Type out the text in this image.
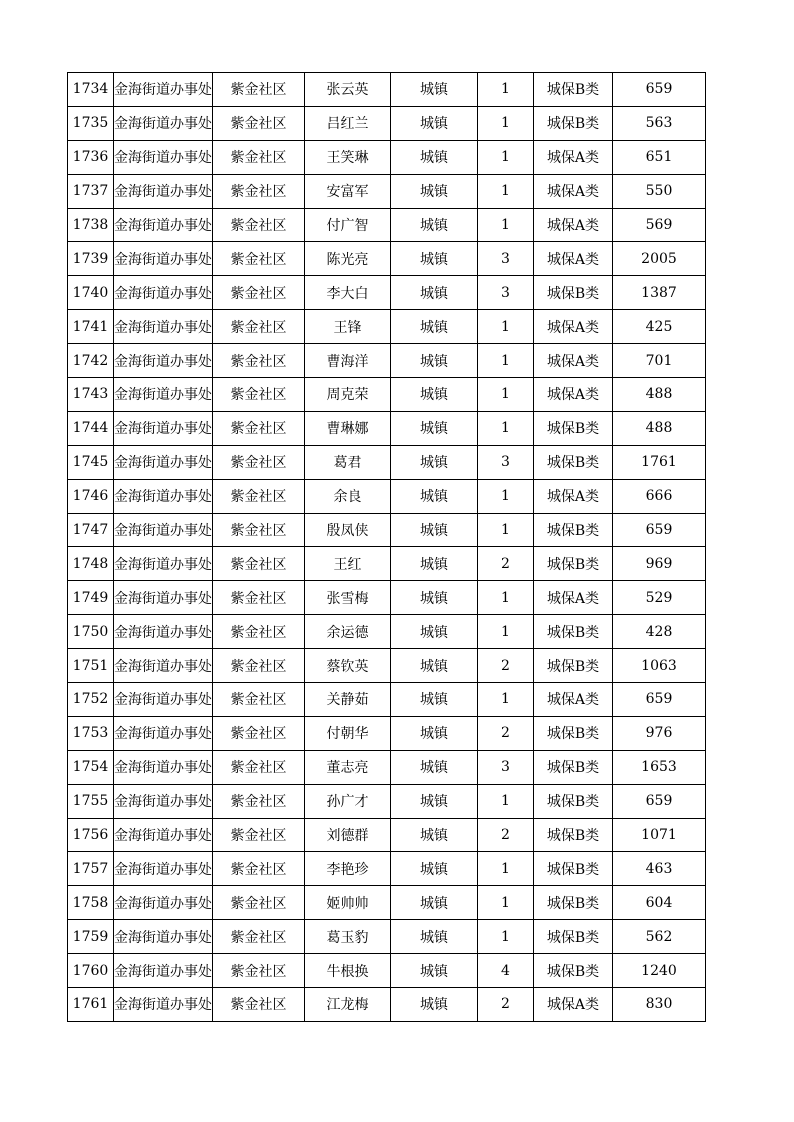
1734	金海街道办事处	紫金社区	张云英	城镇	1	城保B类	659
1735	金海街道办事处	紫金社区	吕红兰	城镇	1	城保B类	563
1736	金海街道办事处	紫金社区	王笑琳	城镇	1	城保A类	651
1737	金海街道办事处	紫金社区	安富军	城镇	1	城保A类	550
1738	金海街道办事处	紫金社区	付广智	城镇	1	城保A类	569
1739	金海街道办事处	紫金社区	陈光亮	城镇	3	城保A类	2005
1740	金海街道办事处	紫金社区	李大白	城镇	3	城保B类	1387
1741	金海街道办事处	紫金社区	王锋	城镇	1	城保A类	425
1742	金海街道办事处	紫金社区	曹海洋	城镇	1	城保A类	701
1743	金海街道办事处	紫金社区	周克荣	城镇	1	城保A类	488
1744	金海街道办事处	紫金社区	曹琳娜	城镇	1	城保B类	488
1745	金海街道办事处	紫金社区	葛君	城镇	3	城保B类	1761
1746	金海街道办事处	紫金社区	余良	城镇	1	城保A类	666
1747	金海街道办事处	紫金社区	殷凤侠	城镇	1	城保B类	659
1748	金海街道办事处	紫金社区	王红	城镇	2	城保B类	969
1749	金海街道办事处	紫金社区	张雪梅	城镇	1	城保A类	529
1750	金海街道办事处	紫金社区	余运德	城镇	1	城保B类	428
1751	金海街道办事处	紫金社区	蔡钦英	城镇	2	城保B类	1063
1752	金海街道办事处	紫金社区	关静茹	城镇	1	城保A类	659
1753	金海街道办事处	紫金社区	付朝华	城镇	2	城保B类	976
1754	金海街道办事处	紫金社区	董志亮	城镇	3	城保B类	1653
1755	金海街道办事处	紫金社区	孙广才	城镇	1	城保B类	659
1756	金海街道办事处	紫金社区	刘德群	城镇	2	城保B类	1071
1757	金海街道办事处	紫金社区	李艳珍	城镇	1	城保B类	463
1758	金海街道办事处	紫金社区	姬帅帅	城镇	1	城保B类	604
1759	金海街道办事处	紫金社区	葛玉豹	城镇	1	城保B类	562
1760	金海街道办事处	紫金社区	牛根换	城镇	4	城保B类	1240
1761	金海街道办事处	紫金社区	江龙梅	城镇	2	城保A类	830
